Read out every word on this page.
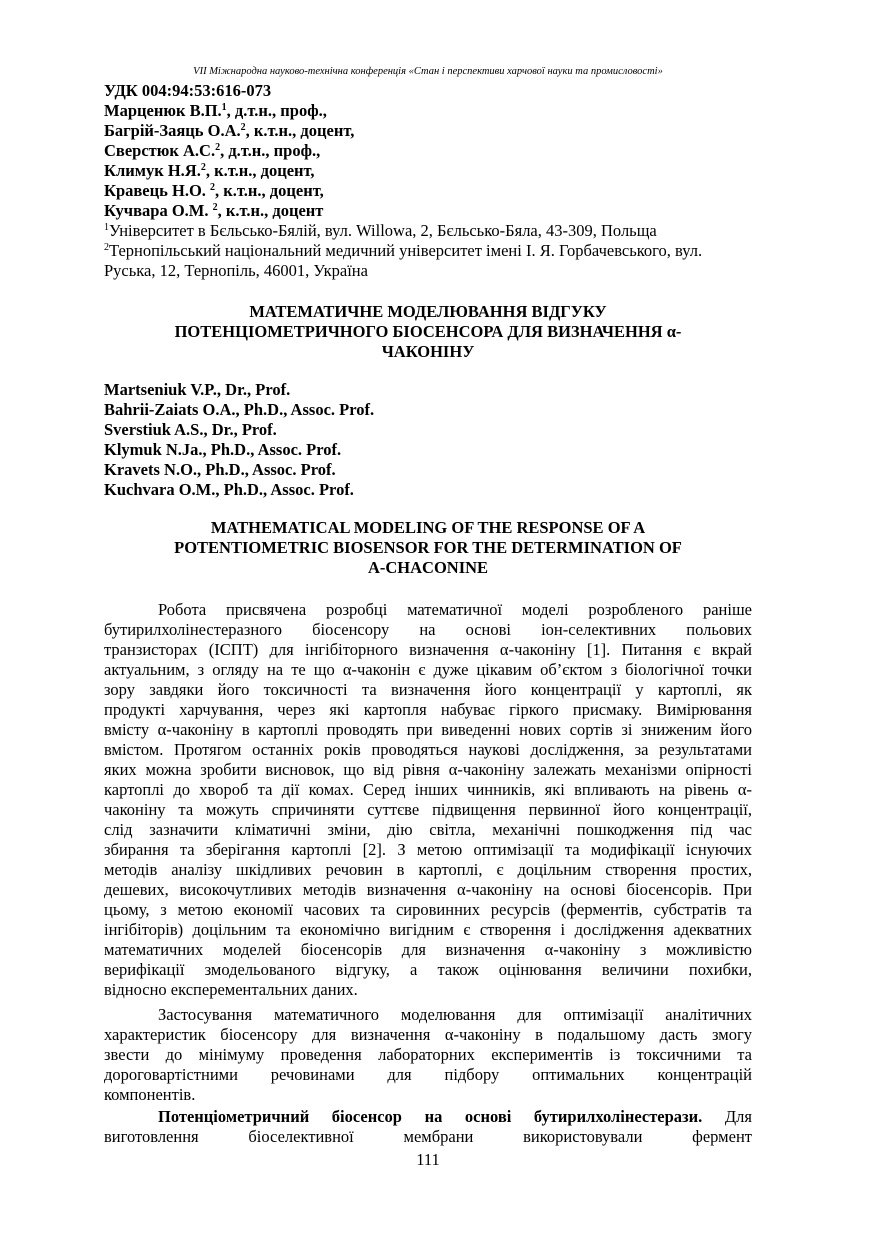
VII Міжнародна науково-технічна конференція «Стан і перспективи харчової науки та промисловості»
УДК 004:94:53:616-073
Марценюк В.П.$^1$, д.т.н., проф.,
Багрій-Заяць О.А.$^2$, к.т.н., доцент,
Сверстюк А.С.$^2$, д.т.н., проф.,
Климук Н.Я.$^2$, к.т.н., доцент,
Кравець Н.О. $^2$, к.т.н., доцент,
Кучвара О.М. $^2$, к.т.н., доцент
$^1$Університет в Бєльсько-Бялій, вул. Willowa, 2, Бєльсько-Бяла, 43-309, Польща
$^2$Тернопільський національний медичний університет імені І. Я. Горбачевського, вул.
Руська, 12, Тернопіль, 46001, Україна
МАТЕМАТИЧНЕ МОДЕЛЮВАННЯ ВІДГУКУ
ПОТЕНЦІОМЕТРИЧНОГО БІОСЕНСОРА ДЛЯ ВИЗНАЧЕННЯ α-
ЧАКОНІНУ
Martseniuk V.P., Dr., Prof.
Bahrii-Zaiats O.A., Ph.D., Assoc. Prof.
Sverstiuk A.S., Dr., Prof.
Klymuk N.Ja., Ph.D., Assoc. Prof.
Kravets N.O., Ph.D., Assoc. Prof.
Kuchvara O.M., Ph.D., Assoc. Prof.
MATHEMATICAL MODELING OF THE RESPONSE OF A
POTENTIOMETRIC BIOSENSOR FOR THE DETERMINATION OF
A-CHACONINE
Робота присвячена розробці математичної моделі розробленого раніше
бутирилхолінестеразного біосенсору на основі іон-селективних польових
транзисторах (ІСПТ) для інгібіторного визначення α-чаконіну [1]. Питання є вкрай
актуальним, з огляду на те що α-чаконін є дуже цікавим об’єктом з біологічної точки
зору завдяки його токсичності та визначення його концентрації у картоплі, як
продукті харчування, через які картопля набуває гіркого присмаку. Вимірювання
вмісту α-чаконіну в картоплі проводять при виведенні нових сортів зі зниженим його
вмістом. Протягом останніх років проводяться наукові дослідження, за результатами
яких можна зробити висновок, що від рівня α-чаконіну залежать механізми опірності
картоплі до хвороб та дії комах. Серед інших чинників, які впливають на рівень α-
чаконіну та можуть спричиняти суттєве підвищення первинної його концентрації,
слід зазначити кліматичні зміни, дію світла, механічні пошкодження під час
збирання та зберігання картоплі [2]. З метою оптимізації та модифікації існуючих
методів аналізу шкідливих речовин в картоплі, є доцільним створення простих,
дешевих, високочутливих методів визначення α-чаконіну на основі біосенсорів. При
цьому, з метою економії часових та сировинних ресурсів (ферментів, субстратів та
інгібіторів) доцільним та економічно вигідним є створення і дослідження адекватних
математичних моделей біосенсорів для визначення α-чаконіну з можливістю
верифікації змодельованого відгуку, а також оцінювання величини похибки,
відносно експерементальних даних.
Застосування математичного моделювання для оптимізації аналітичних
характеристик біосенсору для визначення α-чаконіну в подальшому дасть змогу
звести до мінімуму проведення лабораторних експериментів із токсичними та
дороговартістними речовинами для підбору оптимальних концентрацій
компонентів.
Потенціометричний біосенсор на основі бутирилхолінестерази. Для
виготовлення біоселективної мембрани використовували фермент
111
